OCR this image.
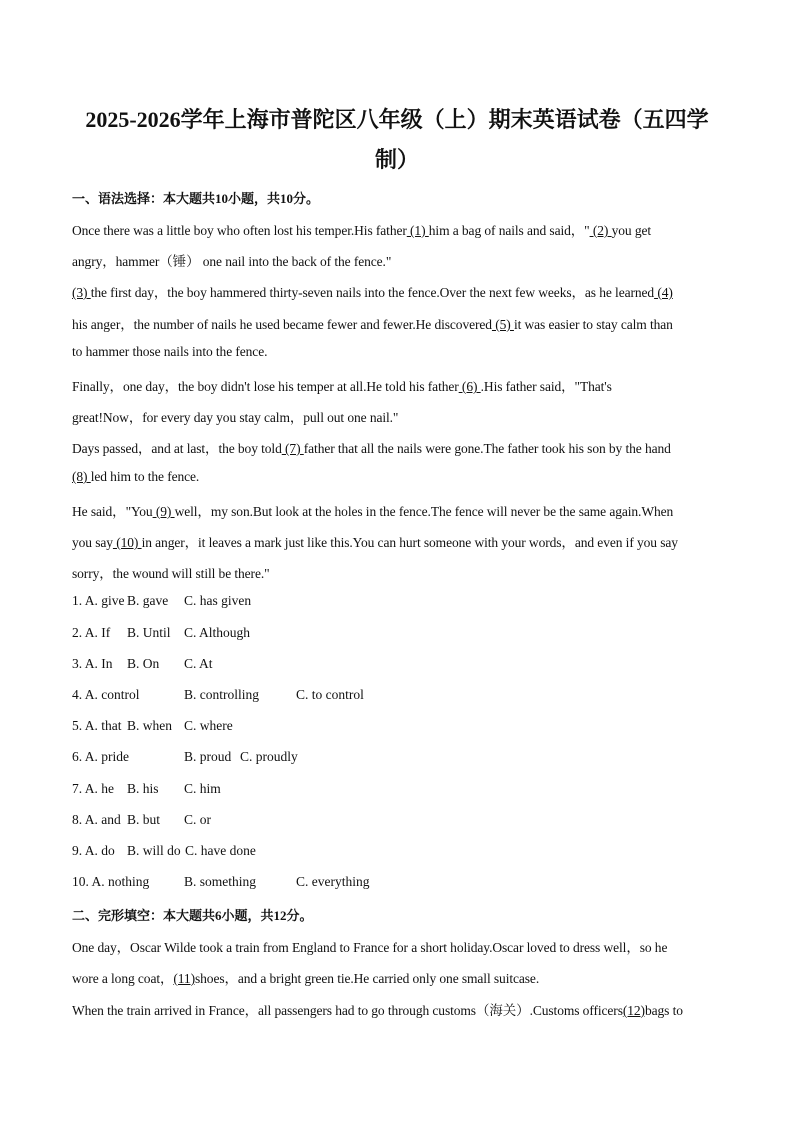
2025-2026学年上海市普陀区八年级（上）期末英语试卷（五四学
制）
一、语法选择：本大题共10小题，共10分。
Once there was a little boy who often lost his temper.His father (1) him a bag of nails and said，" (2) you get
angry，hammer（锤） one nail into the back of the fence."
(3) the first day，the boy hammered thirty-seven nails into the fence.Over the next few weeks，as he learned (4)
his anger，the number of nails he used became fewer and fewer.He discovered (5) it was easier to stay calm than
to hammer those nails into the fence.
Finally，one day，the boy didn't lose his temper at all.He told his father (6) .His father said，"That's
great!Now，for every day you stay calm，pull out one nail."
Days passed，and at last，the boy told (7) father that all the nails were gone.The father took his son by the hand
(8) led him to the fence.
He said，"You (9) well，my son.But look at the holes in the fence.The fence will never be the same again.When
you say (10) in anger，it leaves a mark just like this.You can hurt someone with your words，and even if you say
sorry，the wound will still be there."
1. A. give B. gave C. has given
2. A. If B. Until C. Although
3. A. In B. On C. At
4. A. control	B. controlling	C. to control
5. A. that B. when C. where
6. A. pride	B. proud C. proudly
7. A. he B. his C. him
8. A. and B. but C. or
9. A. do B. will do C. have done
10. A. nothing	B. something	C. everything
二、完形填空：本大题共6小题，共12分。
One day，Oscar Wilde took a train from England to France for a short holiday.Oscar loved to dress well，so he
wore a long coat，(11)shoes，and a bright green tie.He carried only one small suitcase.
When the train arrived in France，all passengers had to go through customs（海关）.Customs officers(12)bags to
